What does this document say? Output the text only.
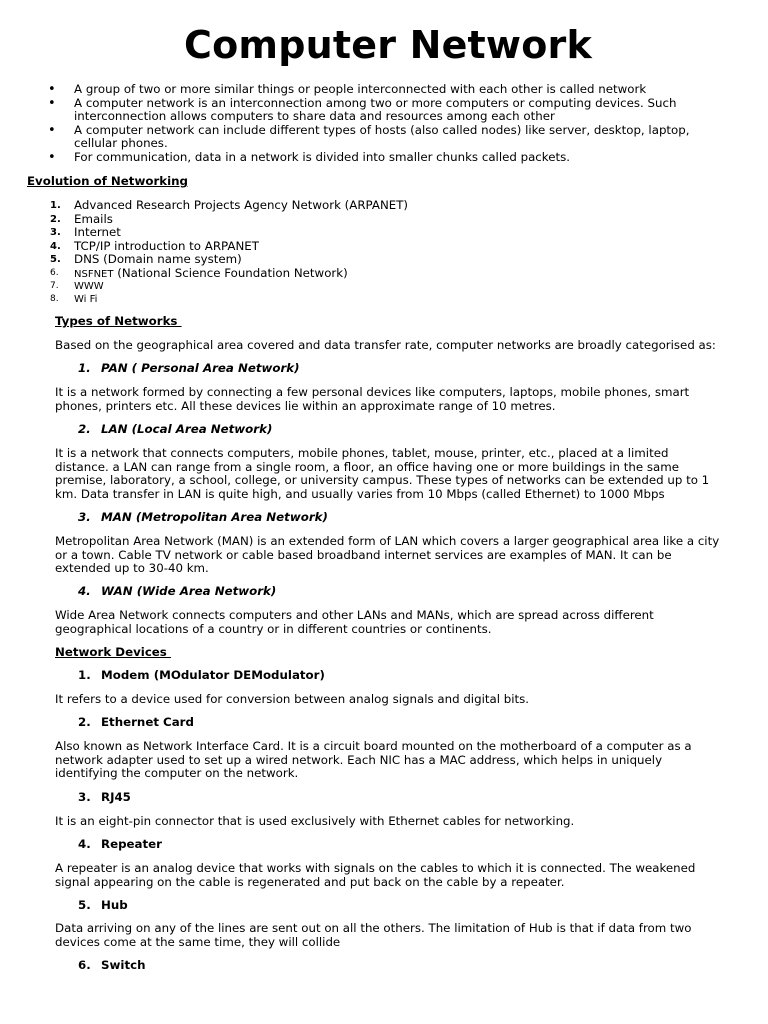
Computer Network
• A group of two or more similar things or people interconnected with each other is called network
• A computer network is an interconnection among two or more computers or computing devices. Such interconnection allows computers to share data and resources among each other
• A computer network can include different types of hosts (also called nodes) like server, desktop, laptop, cellular phones.
• For communication, data in a network is divided into smaller chunks called packets.
Evolution of Networking
1. Advanced Research Projects Agency Network (ARPANET)
2. Emails
3. Internet
4. TCP/IP introduction to ARPANET
5. DNS (Domain name system)
6. NSFNET (National Science Foundation Network)
7. WWW
8. Wi Fi
Types of Networks
Based on the geographical area covered and data transfer rate, computer networks are broadly categorised as:
1. PAN ( Personal Area Network)
It is a network formed by connecting a few personal devices like computers, laptops, mobile phones, smart phones, printers etc. All these devices lie within an approximate range of 10 metres.
2. LAN (Local Area Network)
It is a network that connects computers, mobile phones, tablet, mouse, printer, etc., placed at a limited distance. a LAN can range from a single room, a floor, an office having one or more buildings in the same premise, laboratory, a school, college, or university campus. These types of networks can be extended up to 1 km. Data transfer in LAN is quite high, and usually varies from 10 Mbps (called Ethernet) to 1000 Mbps
3. MAN (Metropolitan Area Network)
Metropolitan Area Network (MAN) is an extended form of LAN which covers a larger geographical area like a city or a town. Cable TV network or cable based broadband internet services are examples of MAN. It can be extended up to 30-40 km.
4. WAN (Wide Area Network)
Wide Area Network connects computers and other LANs and MANs, which are spread across different geographical locations of a country or in different countries or continents.
Network Devices
1. Modem (MOdulator DEModulator)
It refers to a device used for conversion between analog signals and digital bits.
2. Ethernet Card
Also known as Network Interface Card. It is a circuit board mounted on the motherboard of a computer as a network adapter used to set up a wired network. Each NIC has a MAC address, which helps in uniquely identifying the computer on the network.
3. RJ45
It is an eight-pin connector that is used exclusively with Ethernet cables for networking.
4. Repeater
A repeater is an analog device that works with signals on the cables to which it is connected. The weakened signal appearing on the cable is regenerated and put back on the cable by a repeater.
5. Hub
Data arriving on any of the lines are sent out on all the others. The limitation of Hub is that if data from two devices come at the same time, they will collide
6. Switch
